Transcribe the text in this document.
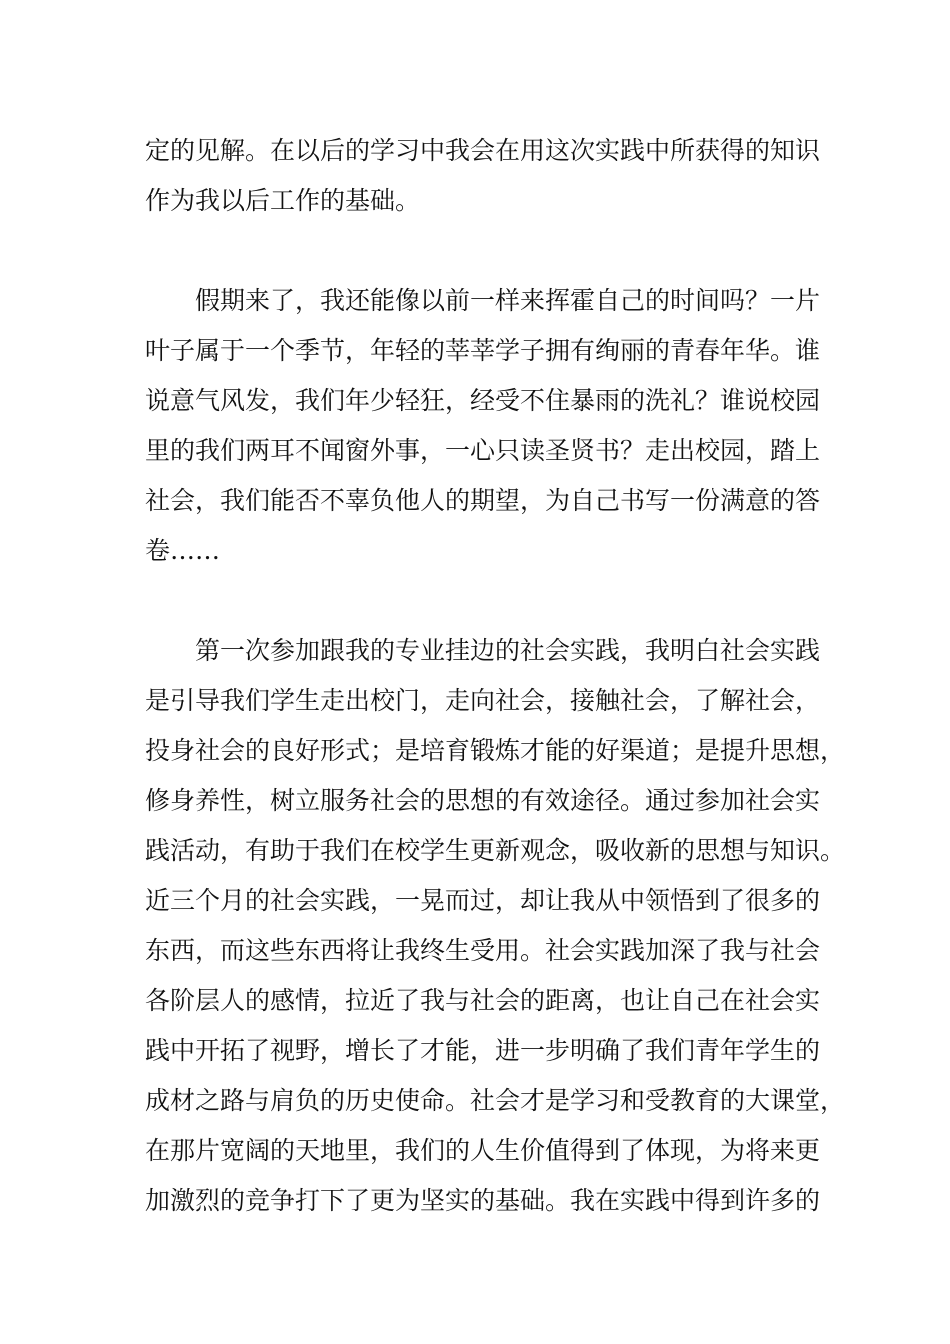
定的见解。在以后的学习中我会在用这次实践中所获得的知识
作为我以后工作的基础。
假期来了，我还能像以前一样来挥霍自己的时间吗？一片
叶子属于一个季节，年轻的莘莘学子拥有绚丽的青春年华。谁
说意气风发，我们年少轻狂，经受不住暴雨的洗礼？谁说校园
里的我们两耳不闻窗外事，一心只读圣贤书？走出校园，踏上
社会，我们能否不辜负他人的期望，为自己书写一份满意的答
卷……
第一次参加跟我的专业挂边的社会实践，我明白社会实践
是引导我们学生走出校门，走向社会，接触社会，了解社会，
投身社会的良好形式；是培育锻炼才能的好渠道；是提升思想，
修身养性，树立服务社会的思想的有效途径。通过参加社会实
践活动，有助于我们在校学生更新观念，吸收新的思想与知识。
近三个月的社会实践，一晃而过，却让我从中领悟到了很多的
东西，而这些东西将让我终生受用。社会实践加深了我与社会
各阶层人的感情，拉近了我与社会的距离，也让自己在社会实
践中开拓了视野，增长了才能，进一步明确了我们青年学生的
成材之路与肩负的历史使命。社会才是学习和受教育的大课堂，
在那片宽阔的天地里，我们的人生价值得到了体现，为将来更
加激烈的竞争打下了更为坚实的基础。我在实践中得到许多的
